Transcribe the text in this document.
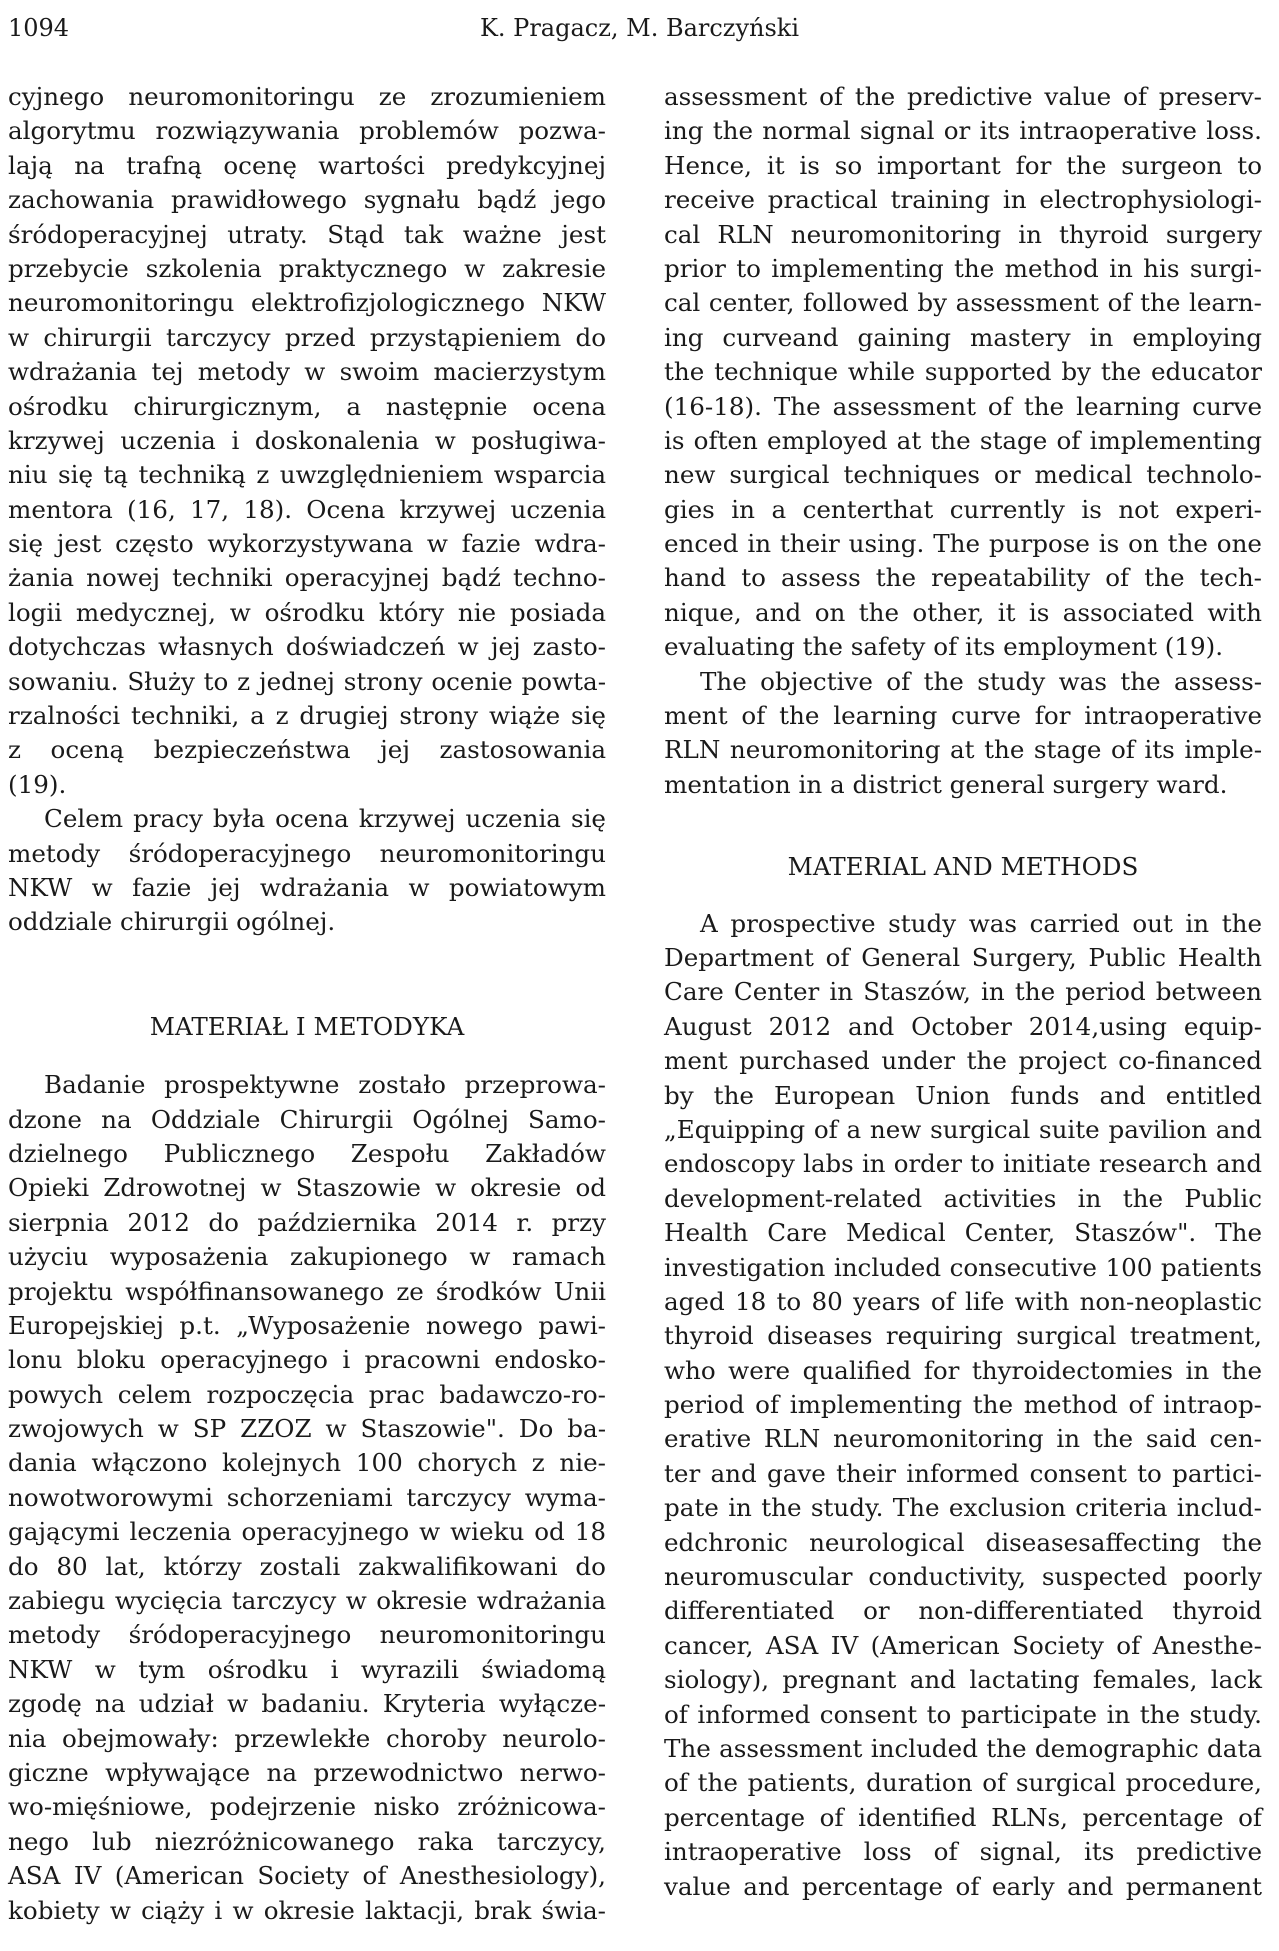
1094	K. Pragacz, M. Barczyński
cyjnego neuromonitoringu ze zrozumieniem
algorytmu rozwiązywania problemów pozwa-
lają na trafną ocenę wartości predykcyjnej
zachowania prawidłowego sygnału bądź jego
śródoperacyjnej utraty. Stąd tak ważne jest
przebycie szkolenia praktycznego w zakresie
neuromonitoringu elektrofizjologicznego NKW
w chirurgii tarczycy przed przystąpieniem do
wdrażania tej metody w swoim macierzystym
ośrodku chirurgicznym, a następnie ocena
krzywej uczenia i doskonalenia w posługiwa-
niu się tą techniką z uwzględnieniem wsparcia
mentora (16, 17, 18). Ocena krzywej uczenia
się jest często wykorzystywana w fazie wdra-
żania nowej techniki operacyjnej bądź techno-
logii medycznej, w ośrodku który nie posiada
dotychczas własnych doświadczeń w jej zasto-
sowaniu. Służy to z jednej strony ocenie powta-
rzalności techniki, a z drugiej strony wiąże się
z oceną bezpieczeństwa jej zastosowania
(19).
Celem pracy była ocena krzywej uczenia się
metody śródoperacyjnego neuromonitoringu
NKW w fazie jej wdrażania w powiatowym
oddziale chirurgii ogólnej.
MATERIAŁ I METODYKA
Badanie prospektywne zostało przeprowa-
dzone na Oddziale Chirurgii Ogólnej Samo-
dzielnego Publicznego Zespołu Zakładów
Opieki Zdrowotnej w Staszowie w okresie od
sierpnia 2012 do października 2014 r. przy
użyciu wyposażenia zakupionego w ramach
projektu współfinansowanego ze środków Unii
Europejskiej p.t. „Wyposażenie nowego pawi-
lonu bloku operacyjnego i pracowni endosko-
powych celem rozpoczęcia prac badawczo-ro-
zwojowych w SP ZZOZ w Staszowie". Do ba-
dania włączono kolejnych 100 chorych z nie-
nowotworowymi schorzeniami tarczycy wyma-
gającymi leczenia operacyjnego w wieku od 18
do 80 lat, którzy zostali zakwalifikowani do
zabiegu wycięcia tarczycy w okresie wdrażania
metody śródoperacyjnego neuromonitoringu
NKW w tym ośrodku i wyrazili świadomą
zgodę na udział w badaniu. Kryteria wyłącze-
nia obejmowały: przewlekłe choroby neurolo-
giczne wpływające na przewodnictwo nerwo-
wo-mięśniowe, podejrzenie nisko zróżnicowa-
nego lub niezróżnicowanego raka tarczycy,
ASA IV (American Society of Anesthesiology),
kobiety w ciąży i w okresie laktacji, brak świa-
assessment of the predictive value of preserv-
ing the normal signal or its intraoperative loss.
Hence, it is so important for the surgeon to
receive practical training in electrophysiologi-
cal RLN neuromonitoring in thyroid surgery
prior to implementing the method in his surgi-
cal center, followed by assessment of the learn-
ing curveand gaining mastery in employing
the technique while supported by the educator
(16-18). The assessment of the learning curve
is often employed at the stage of implementing
new surgical techniques or medical technolo-
gies in a centerthat currently is not experi-
enced in their using. The purpose is on the one
hand to assess the repeatability of the tech-
nique, and on the other, it is associated with
evaluating the safety of its employment (19).
The objective of the study was the assess-
ment of the learning curve for intraoperative
RLN neuromonitoring at the stage of its imple-
mentation in a district general surgery ward.
MATERIAL AND METHODS
A prospective study was carried out in the
Department of General Surgery, Public Health
Care Center in Staszów, in the period between
August 2012 and October 2014,using equip-
ment purchased under the project co-financed
by the European Union funds and entitled
„Equipping of a new surgical suite pavilion and
endoscopy labs in order to initiate research and
development-related activities in the Public
Health Care Medical Center, Staszów". The
investigation included consecutive 100 patients
aged 18 to 80 years of life with non-neoplastic
thyroid diseases requiring surgical treatment,
who were qualified for thyroidectomies in the
period of implementing the method of intraop-
erative RLN neuromonitoring in the said cen-
ter and gave their informed consent to partici-
pate in the study. The exclusion criteria includ-
edchronic neurological diseasesaffecting the
neuromuscular conductivity, suspected poorly
differentiated or non-differentiated thyroid
cancer, ASA IV (American Society of Anesthe-
siology), pregnant and lactating females, lack
of informed consent to participate in the study.
The assessment included the demographic data
of the patients, duration of surgical procedure,
percentage of identified RLNs, percentage of
intraoperative loss of signal, its predictive
value and percentage of early and permanent
